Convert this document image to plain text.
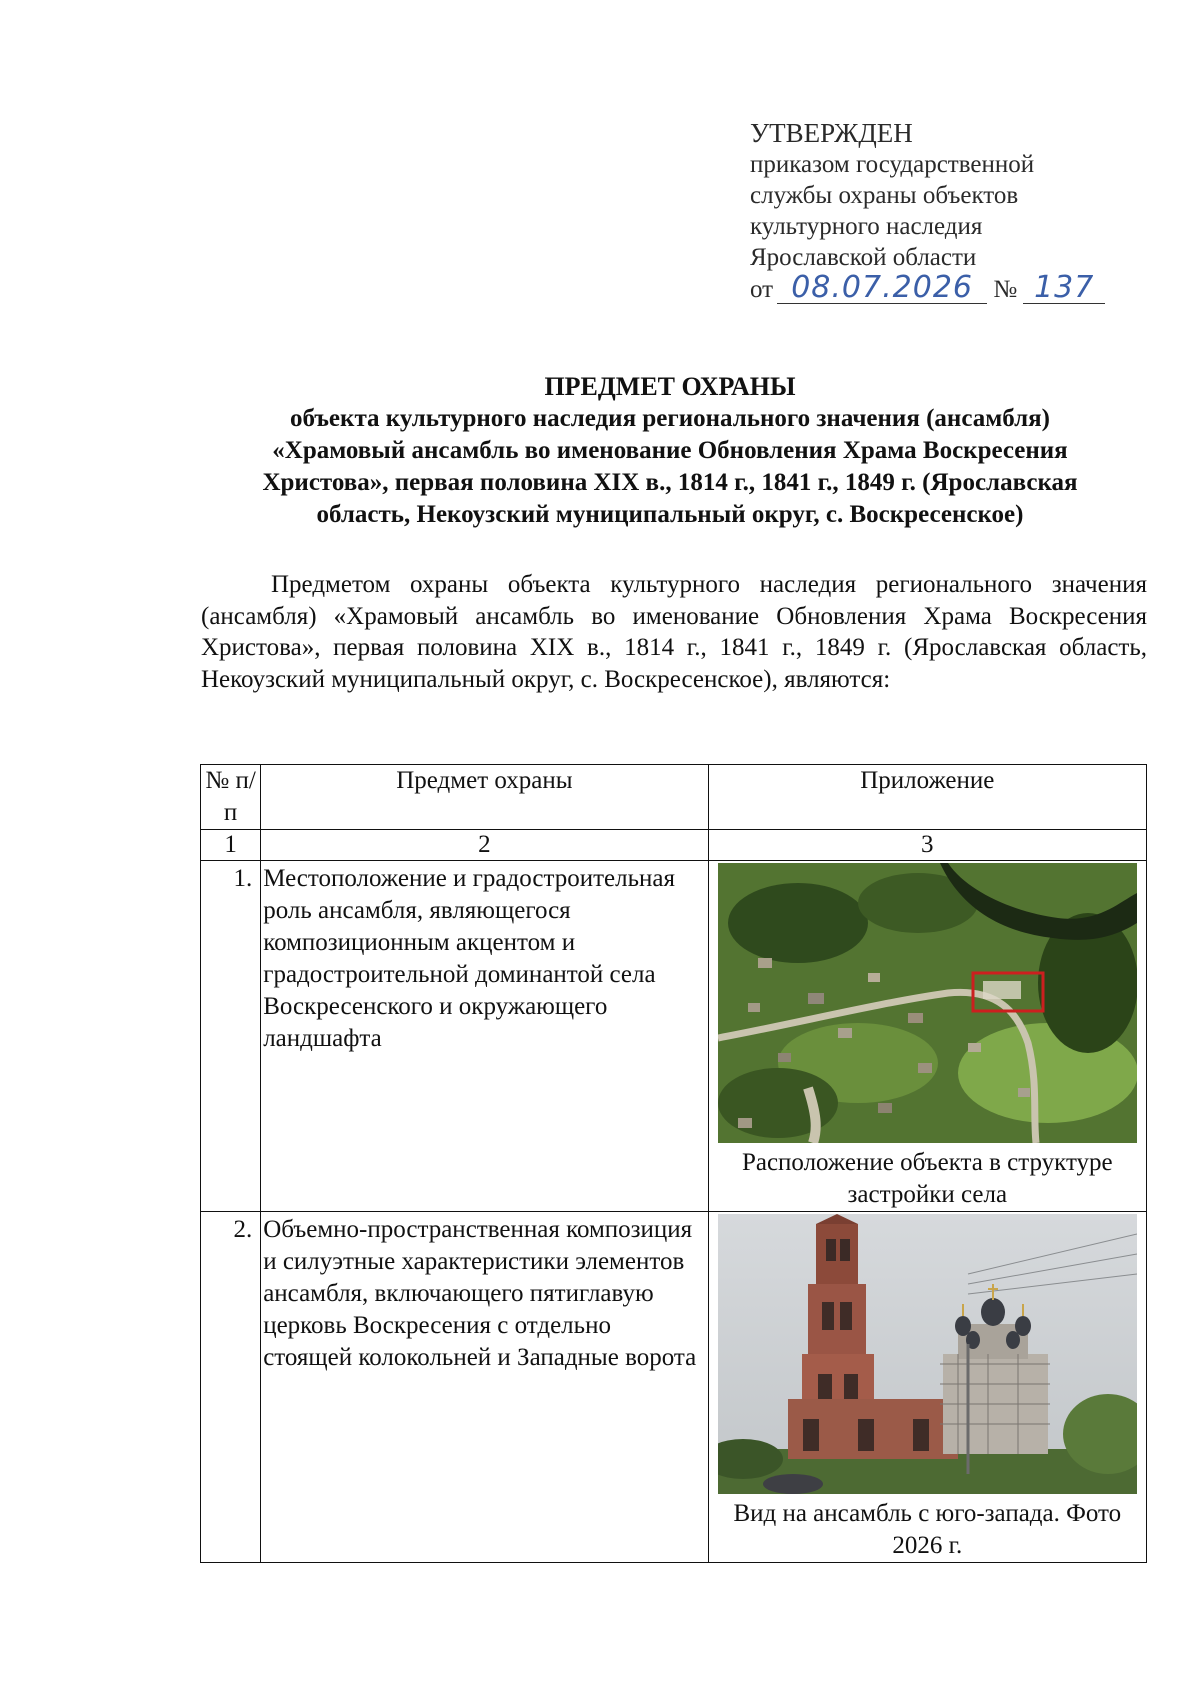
УТВЕРЖДЕН
приказом государственной
службы охраны объектов
культурного наследия
Ярославской области
от 08.07.2026 № 137
ПРЕДМЕТ ОХРАНЫ
объекта культурного наследия регионального значения (ансамбля)
«Храмовый ансамбль во именование Обновления Храма Воскресения
Христова», первая половина XIX в., 1814 г., 1841 г., 1849 г. (Ярославская
область, Некоузский муниципальный округ, с. Воскресенское)

Предметом охраны объекта культурного наследия регионального значения (ансамбля) «Храмовый ансамбль во именование Обновления Храма Воскресения Христова», первая половина XIX в., 1814 г., 1841 г., 1849 г. (Ярославская область, Некоузский муниципальный округ, с. Воскресенское), являются:

№ п/п	Предмет охраны	Приложение
1	2	3
1.	Местоположение и градостроительная роль ансамбля, являющегося композиционным акцентом и градостроительной доминантой села Воскресенского и окружающего ландшафта	Расположение объекта в структуре застройки села

2.	Объемно-пространственная композиция и силуэтные характеристики элементов ансамбля, включающего пятиглавую церковь Воскресения с отдельно стоящей колокольней и Западные ворота	Вид на ансамбль с юго-запада. Фото 2026 г.
